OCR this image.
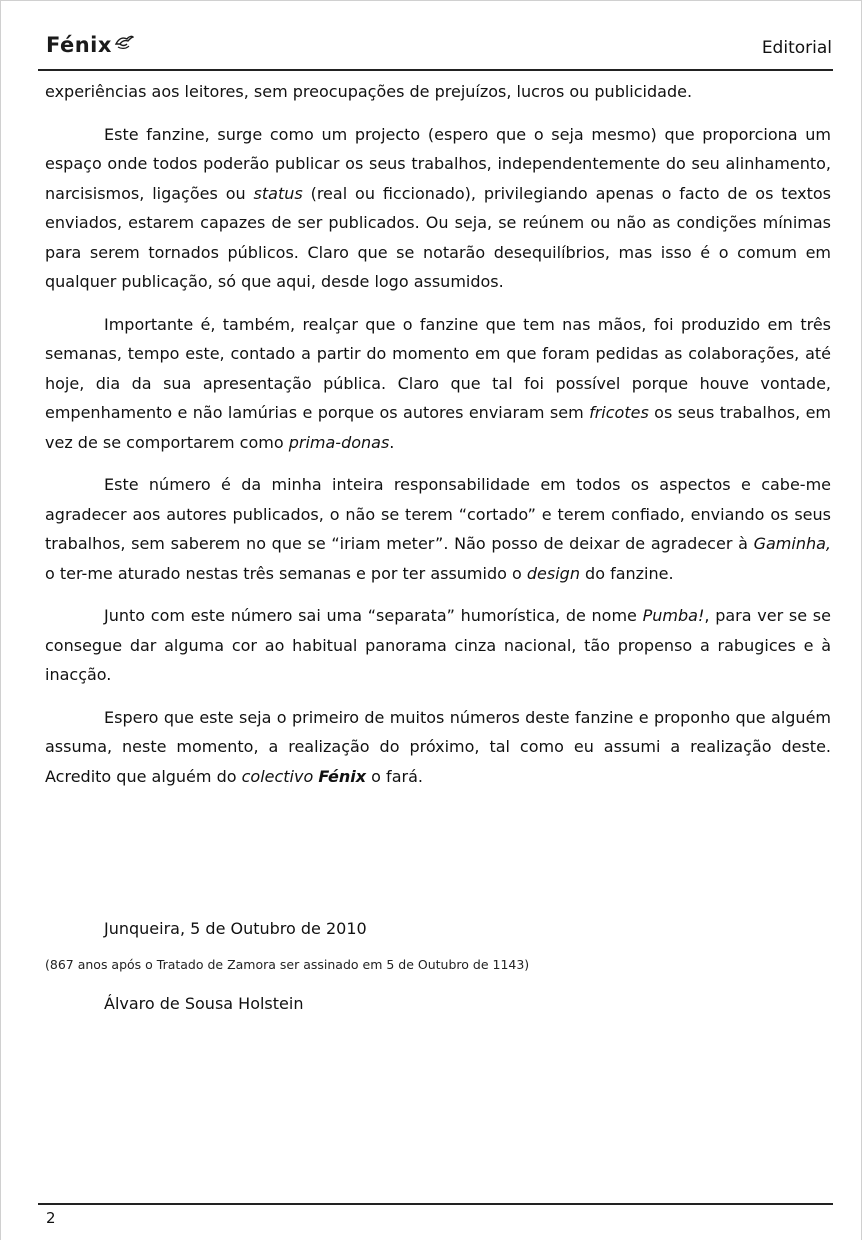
Fénix	Editorial

experiências aos leitores, sem preocupações de prejuízos, lucros ou publicidade.

Este fanzine, surge como um projecto (espero que o seja mesmo) que proporciona um espaço onde todos poderão publicar os seus trabalhos, independentemente do seu alinhamento, narcisismos, ligações ou status (real ou ficcionado), privilegiando apenas o facto de os textos enviados, estarem capazes de ser publicados. Ou seja, se reúnem ou não as condições mínimas para serem tornados públicos. Claro que se notarão desequilíbrios, mas isso é o comum em qualquer publicação, só que aqui, desde logo assumidos.

Importante é, também, realçar que o fanzine que tem nas mãos, foi produzido em três semanas, tempo este, contado a partir do momento em que foram pedidas as colaborações, até hoje, dia da sua apresentação pública. Claro que tal foi possível porque houve vontade, empenhamento e não lamúrias e porque os autores enviaram sem fricotes os seus trabalhos, em vez de se comportarem como prima-donas.

Este número é da minha inteira responsabilidade em todos os aspectos e cabe-me agradecer aos autores publicados, o não se terem “cortado” e terem confiado, enviando os seus trabalhos, sem saberem no que se “iriam meter”. Não posso de deixar de agradecer à Gaminha, o ter-me aturado nestas três semanas e por ter assumido o design do fanzine.

Junto com este número sai uma “separata” humorística, de nome Pumba!, para ver se se consegue dar alguma cor ao habitual panorama cinza nacional, tão propenso a rabugices e à inacção.

Espero que este seja o primeiro de muitos números deste fanzine e proponho que alguém assuma, neste momento, a realização do próximo, tal como eu assumi a realização deste. Acredito que alguém do colectivo Fénix o fará.

Junqueira, 5 de Outubro de 2010
(867 anos após o Tratado de Zamora ser assinado em 5 de Outubro de 1143)
Álvaro de Sousa Holstein
2
